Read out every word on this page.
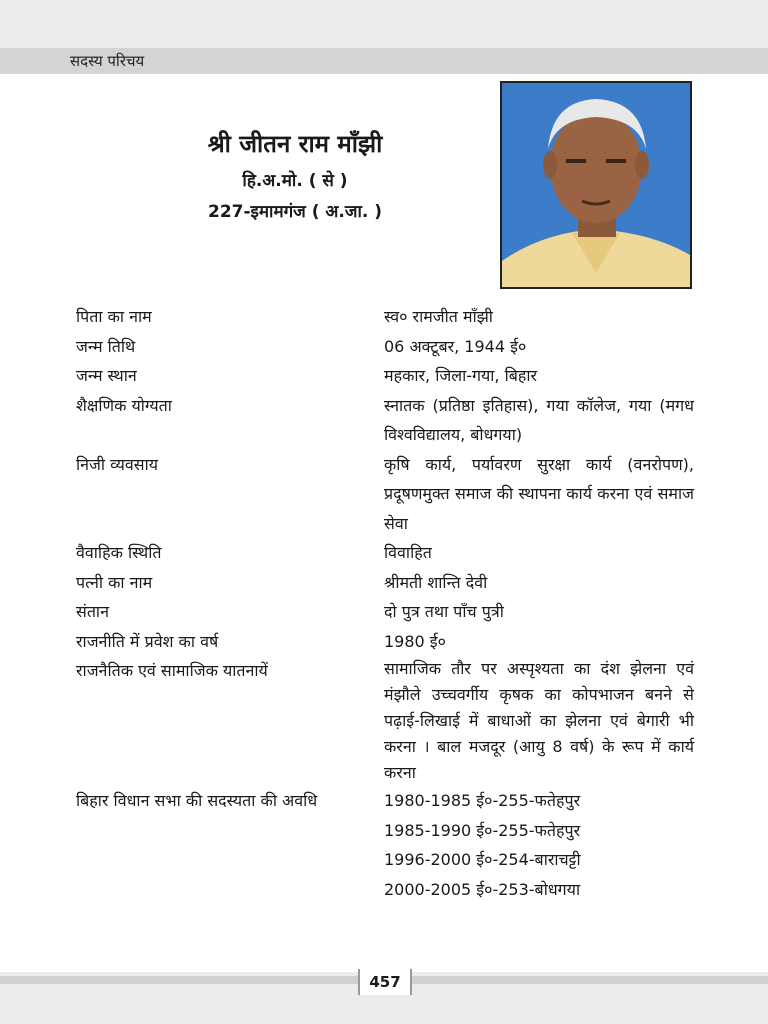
सदस्य परिचय
श्री जीतन राम माँझी
हि.अ.मो. ( से )
227-इमामगंज ( अ.जा. )
पिता का नाम	स्व० रामजीत माँझी
जन्म तिथि	06 अक्टूबर, 1944 ई०
जन्म स्थान	महकार, जिला-गया, बिहार
शैक्षणिक योग्यता	स्नातक (प्रतिष्ठा इतिहास), गया कॉलेज, गया (मगध विश्वविद्यालय, बोधगया)
निजी व्यवसाय	कृषि कार्य, पर्यावरण सुरक्षा कार्य (वनरोपण), प्रदूषणमुक्त समाज की स्थापना कार्य करना एवं समाज सेवा
वैवाहिक स्थिति	विवाहित
पत्नी का नाम	श्रीमती शान्ति देवी
संतान	दो पुत्र तथा पाँच पुत्री
राजनीति में प्रवेश का वर्ष	1980 ई०
राजनैतिक एवं सामाजिक यातनायें	सामाजिक तौर पर अस्पृश्यता का दंश झेलना एवं मंझौले उच्चवर्गीय कृषक का कोपभाजन बनने से पढ़ाई-लिखाई में बाधाओं का झेलना एवं बेगारी भी करना । बाल मजदूर (आयु 8 वर्ष) के रूप में कार्य करना
बिहार विधान सभा की सदस्यता की अवधि	1980-1985 ई०-255-फतेहपुर
1985-1990 ई०-255-फतेहपुर
1996-2000 ई०-254-बाराचट्टी
2000-2005 ई०-253-बोधगया
457
